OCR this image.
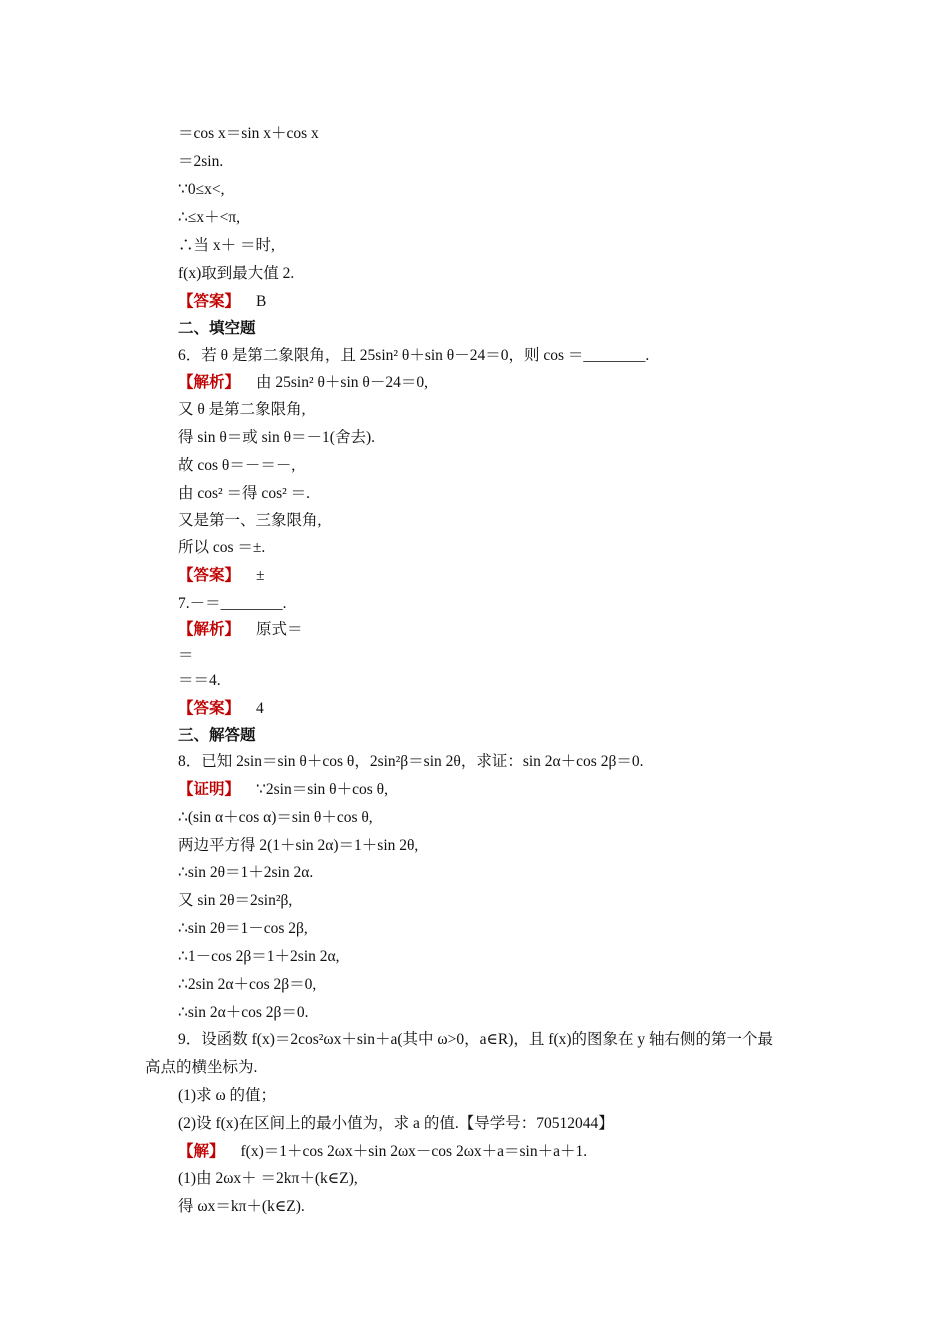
＝cos x＝sin x＋cos x
＝2sin.
∵0≤x<,
∴≤x＋<π,
∴当 x＋ ＝时,
f(x)取到最大值 2.
【答案】 B
二、填空题
6．若 θ 是第二象限角，且 25sin² θ＋sin θ－24＝0，则 cos ＝________.
【解析】 由 25sin² θ＋sin θ－24＝0,
又 θ 是第二象限角,
得 sin θ＝或 sin θ＝－1(舍去).
故 cos θ＝－＝－,
由 cos² ＝得 cos² ＝.
又是第一、三象限角,
所以 cos ＝±.
【答案】 ±
7.－＝________.
【解析】 原式＝
＝
＝＝4.
【答案】 4
三、解答题
8．已知 2sin＝sin θ＋cos θ，2sin²β＝sin 2θ，求证：sin 2α＋cos 2β＝0.
【证明】 ∵2sin＝sin θ＋cos θ,
∴(sin α＋cos α)＝sin θ＋cos θ,
两边平方得 2(1＋sin 2α)＝1＋sin 2θ,
∴sin 2θ＝1＋2sin 2α.
又 sin 2θ＝2sin²β,
∴sin 2θ＝1－cos 2β,
∴1－cos 2β＝1＋2sin 2α,
∴2sin 2α＋cos 2β＝0,
∴sin 2α＋cos 2β＝0.
9．设函数 f(x)＝2cos²ωx＋sin＋a(其中 ω>0，a∈R)，且 f(x)的图象在 y 轴右侧的第一个最
高点的横坐标为.
(1)求 ω 的值；
(2)设 f(x)在区间上的最小值为，求 a 的值.【导学号：70512044】
【解】 f(x)＝1＋cos 2ωx＋sin 2ωx－cos 2ωx＋a＝sin＋a＋1.
(1)由 2ωx＋ ＝2kπ＋(k∈Z),
得 ωx＝kπ＋(k∈Z).
